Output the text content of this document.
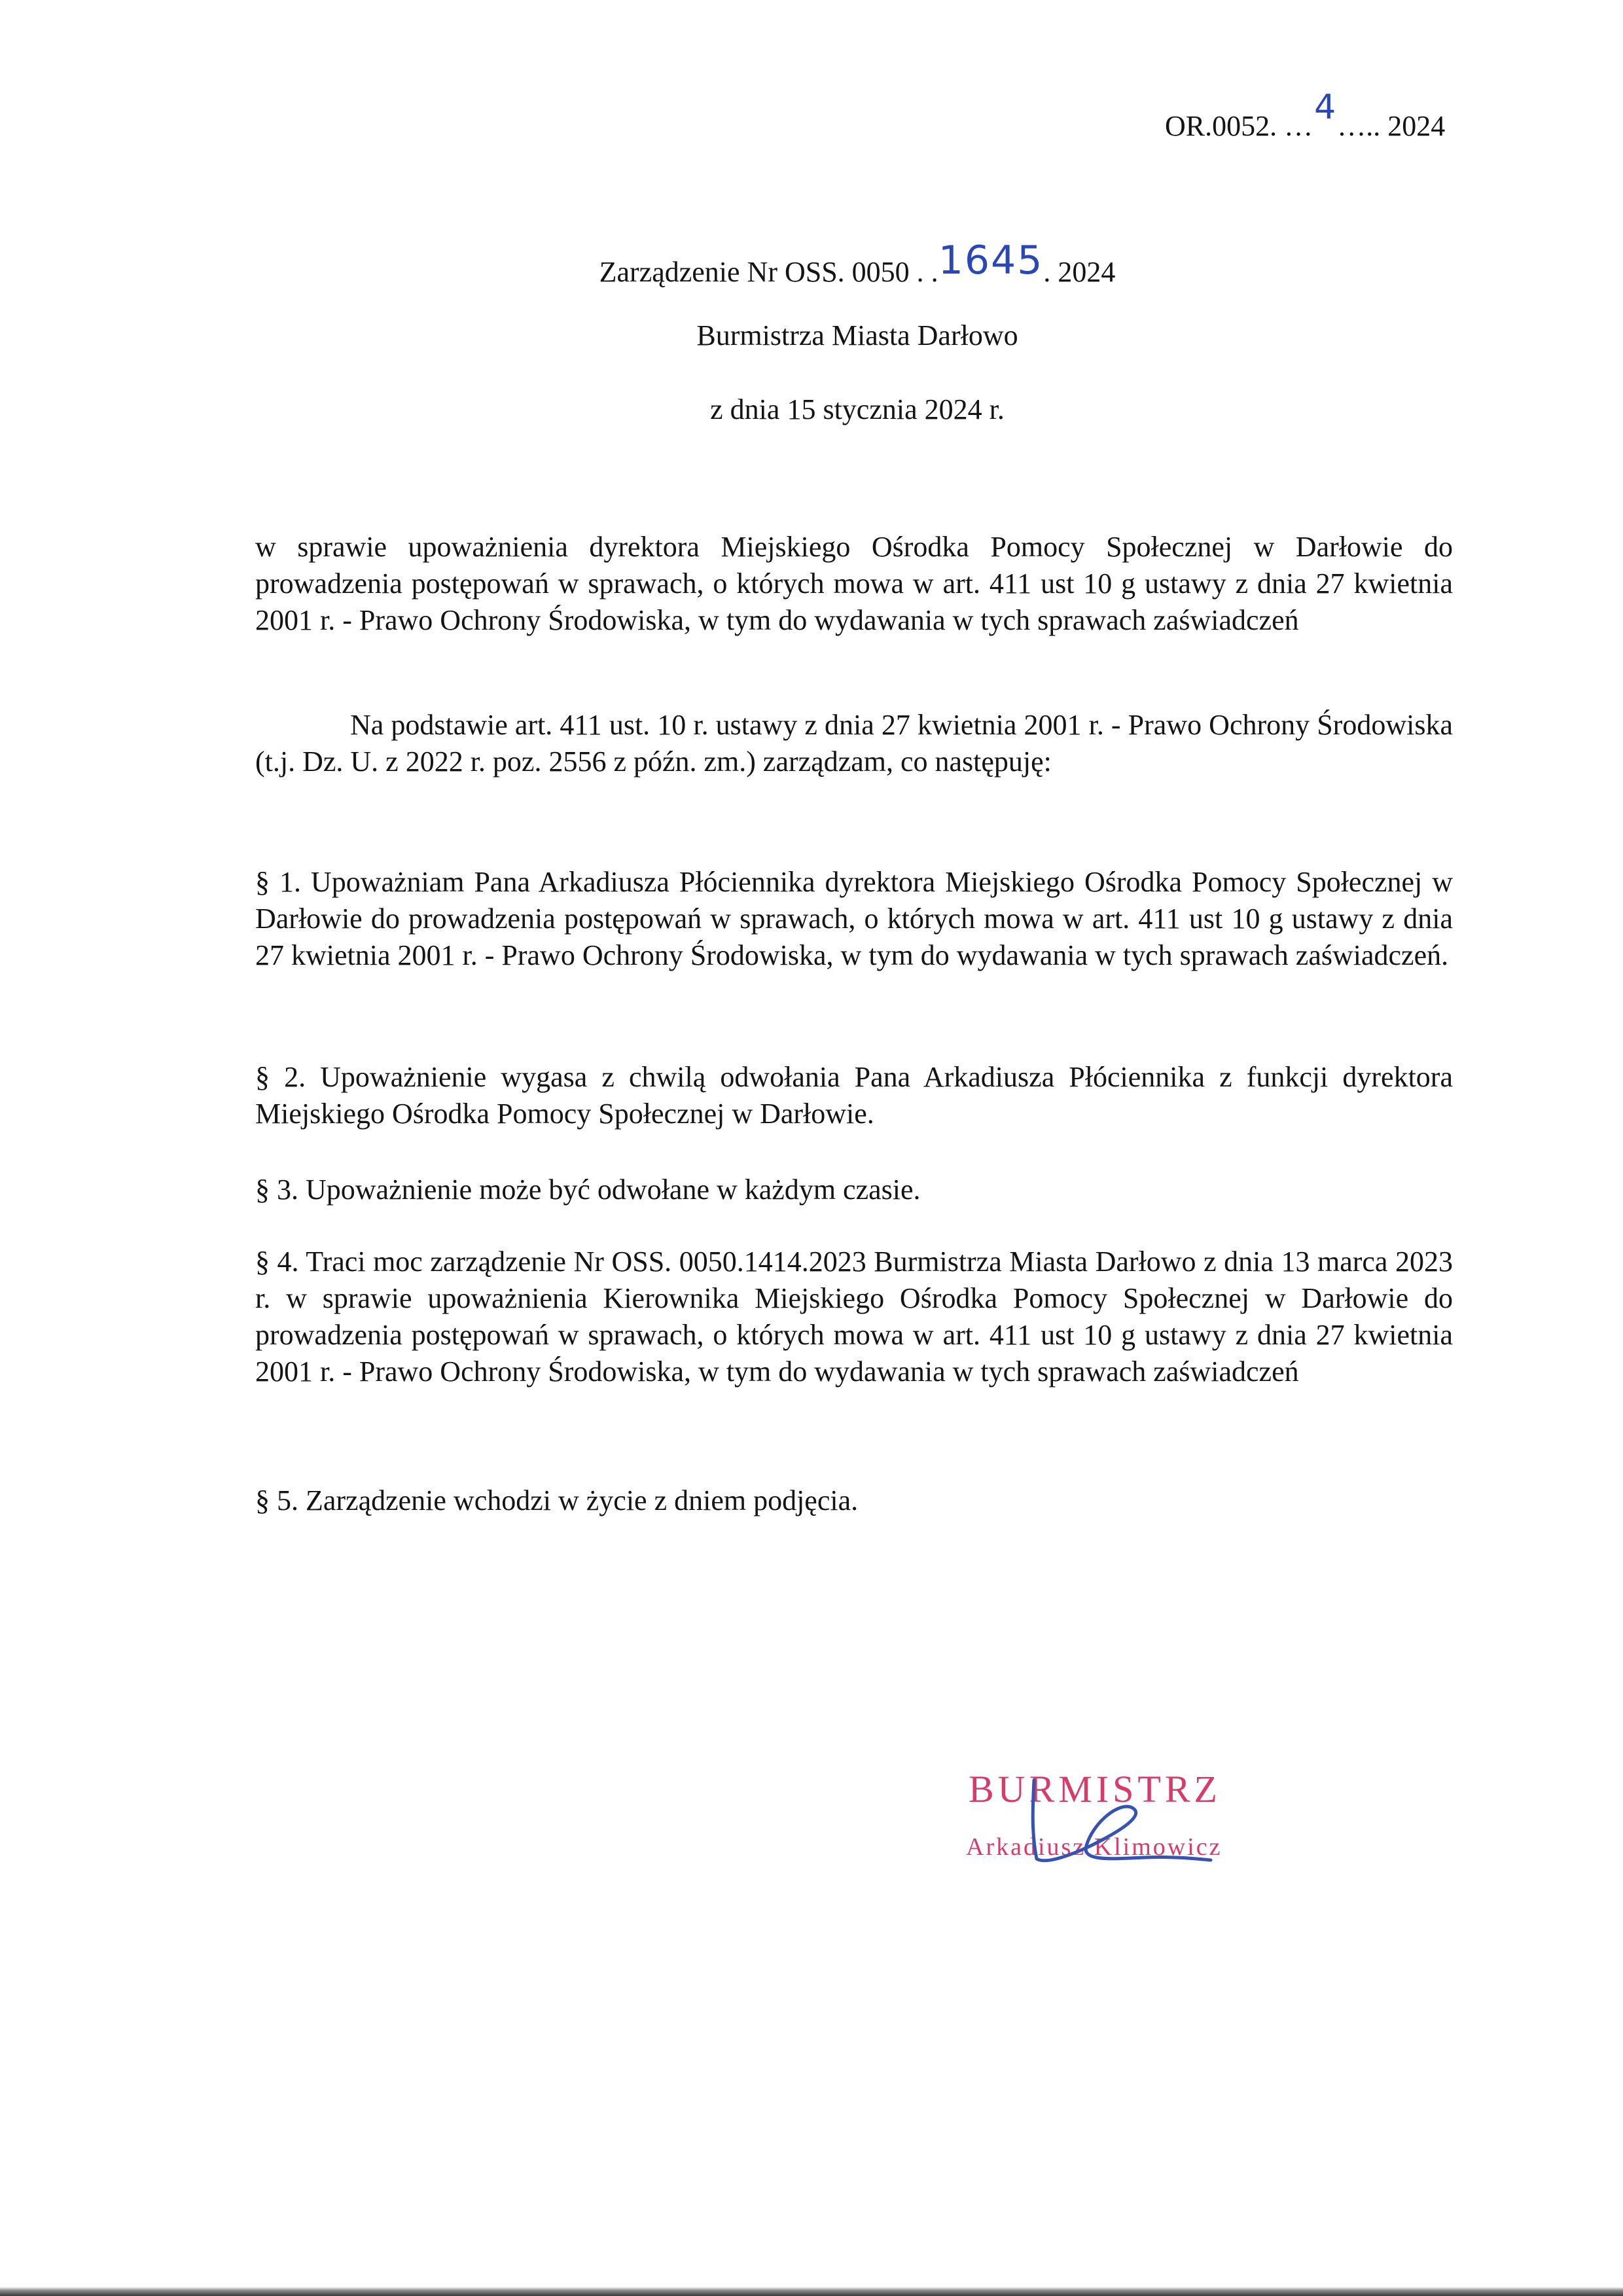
OR.0052. …4….. 2024
Zarządzenie Nr OSS. 0050 . .1645. 2024
Burmistrza Miasta Darłowo
z dnia 15 stycznia 2024 r.
w sprawie upoważnienia dyrektora Miejskiego Ośrodka Pomocy Społecznej w Darłowie do prowadzenia postępowań w sprawach, o których mowa w art. 411 ust 10 g ustawy z dnia 27 kwietnia 2001 r. - Prawo Ochrony Środowiska, w tym do wydawania w tych sprawach zaświadczeń
Na podstawie art. 411 ust. 10 r. ustawy z dnia 27 kwietnia 2001 r. - Prawo Ochrony Środowiska (t.j. Dz. U. z 2022 r. poz. 2556 z późn. zm.) zarządzam, co następuję:
§ 1. Upoważniam Pana Arkadiusza Płóciennika dyrektora Miejskiego Ośrodka Pomocy Społecznej w Darłowie do prowadzenia postępowań w sprawach, o których mowa w art. 411 ust 10 g ustawy z dnia 27 kwietnia 2001 r. - Prawo Ochrony Środowiska, w tym do wydawania w tych sprawach zaświadczeń.
§ 2. Upoważnienie wygasa z chwilą odwołania Pana Arkadiusza Płóciennika z funkcji dyrektora Miejskiego Ośrodka Pomocy Społecznej w Darłowie.
§ 3. Upoważnienie może być odwołane w każdym czasie.
§ 4. Traci moc zarządzenie Nr OSS. 0050.1414.2023 Burmistrza Miasta Darłowo z dnia 13 marca 2023 r. w sprawie upoważnienia Kierownika Miejskiego Ośrodka Pomocy Społecznej w Darłowie do prowadzenia postępowań w sprawach, o których mowa w art. 411 ust 10 g ustawy z dnia 27 kwietnia 2001 r. - Prawo Ochrony Środowiska, w tym do wydawania w tych sprawach zaświadczeń
§ 5. Zarządzenie wchodzi w życie z dniem podjęcia.
BURMISTRZ
Arkadiusz Klimowicz
